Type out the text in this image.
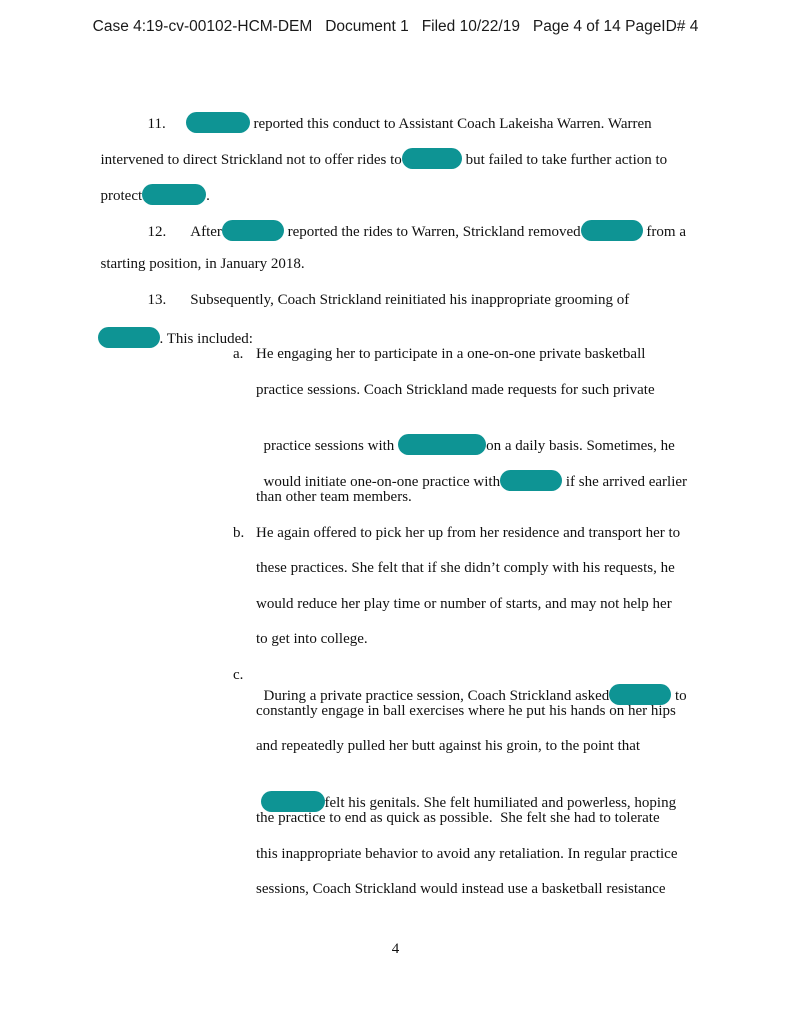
Case 4:19-cv-00102-HCM-DEM Document 1 Filed 10/22/19 Page 4 of 14 PageID# 4

11.	reported this conduct to Assistant Coach Lakeisha Warren. Warren

intervened to direct Strickland not to offer rides to	but failed to take further action to

protect	.

12. After	reported the rides to Warren, Strickland removed	from a

starting position, in January 2018.

13. Subsequently, Coach Strickland reinitiated his inappropriate grooming of

. This included:

a. He engaging her to participate in a one-on-one private basketball
practice sessions. Coach Strickland made requests for such private

practice sessions with	on a daily basis. Sometimes, he

would initiate one-on-one practice with	if she arrived earlier

than other team members.
b. He again offered to pick her up from her residence and transport her to
these practices. She felt that if she didn’t comply with his requests, he
would reduce her play time or number of starts, and may not help her
to get into college.
c.

During a private practice session, Coach Strickland asked	to

constantly engage in ball exercises where he put his hands on her hips
and repeatedly pulled her butt against his groin, to the point that

felt his genitals. She felt humiliated and powerless, hoping

the practice to end as quick as possible.  She felt she had to tolerate
this inappropriate behavior to avoid any retaliation. In regular practice
sessions, Coach Strickland would instead use a basketball resistance
4
